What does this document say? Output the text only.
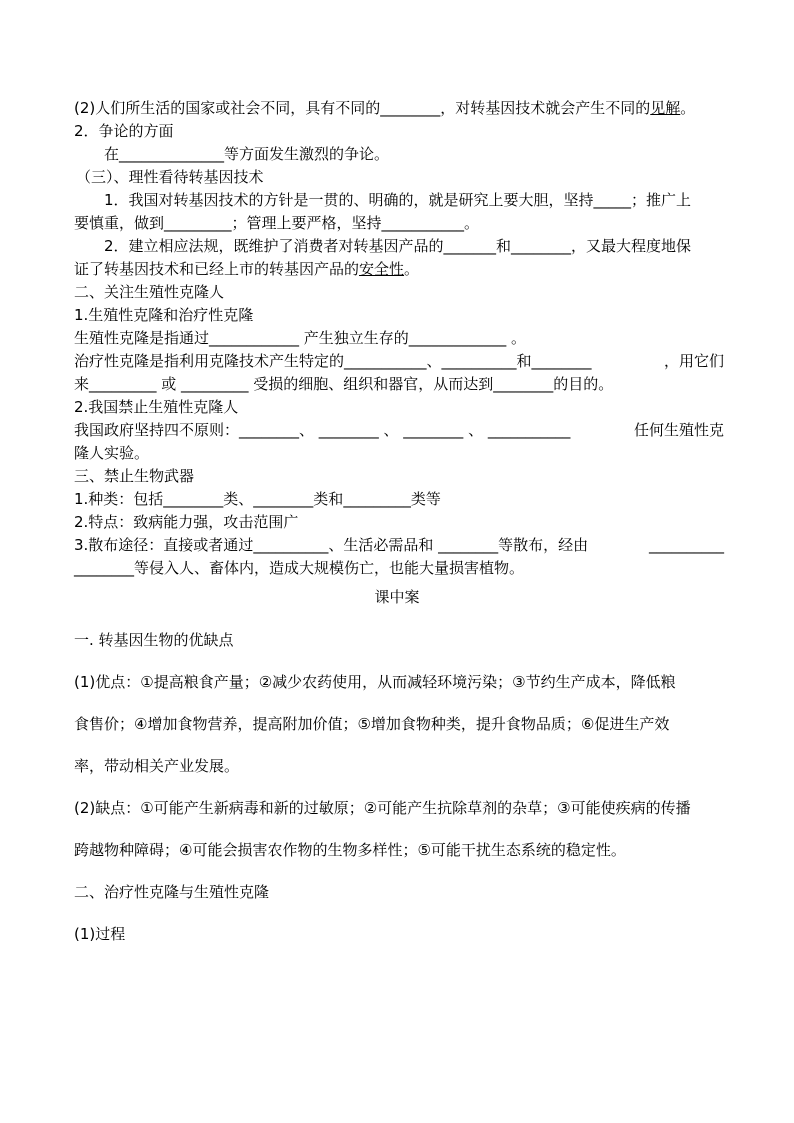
(2)人们所生活的国家或社会不同，具有不同的________，对转基因技术就会产生不同的见解。
2．争论的方面
在______________等方面发生激烈的争论。
（三）、理性看待转基因技术
1．我国对转基因技术的方针是一贯的、明确的，就是研究上要大胆，坚持_____；推广上
要慎重，做到_________；管理上要严格，坚持___________。
2．建立相应法规，既维护了消费者对转基因产品的_______和________，又最大程度地保
证了转基因技术和已经上市的转基因产品的安全性。
二、关注生殖性克隆人
1.生殖性克隆和治疗性克隆
生殖性克隆是指通过____________ 产生独立生存的_____________ 。
治疗性克隆是指利用克隆技术产生特定的___________、__________和________	，用它们
来_________ 或 _________ 受损的细胞、组织和器官，从而达到________的目的。
2.我国禁止生殖性克隆人
我国政府坚持四不原则：________、 ________ 、 ________ 、 ___________	任何生殖性克
隆人实验。
三、禁止生物武器
1.种类：包括________类、________类和_________类等
2.特点：致病能力强，攻击范围广
3.散布途径：直接或者通过__________、生活必需品和 ________等散布，经由	__________
________等侵入人、畜体内，造成大规模伤亡，也能大量损害植物。
课中案
一. 转基因生物的优缺点
(1)优点：①提高粮食产量；②减少农药使用，从而减轻环境污染；③节约生产成本，降低粮
食售价；④增加食物营养，提高附加价值；⑤增加食物种类，提升食物品质；⑥促进生产效
率，带动相关产业发展。
(2)缺点：①可能产生新病毒和新的过敏原；②可能产生抗除草剂的杂草；③可能使疾病的传播
跨越物种障碍；④可能会损害农作物的生物多样性；⑤可能干扰生态系统的稳定性。
二、治疗性克隆与生殖性克隆
(1)过程
